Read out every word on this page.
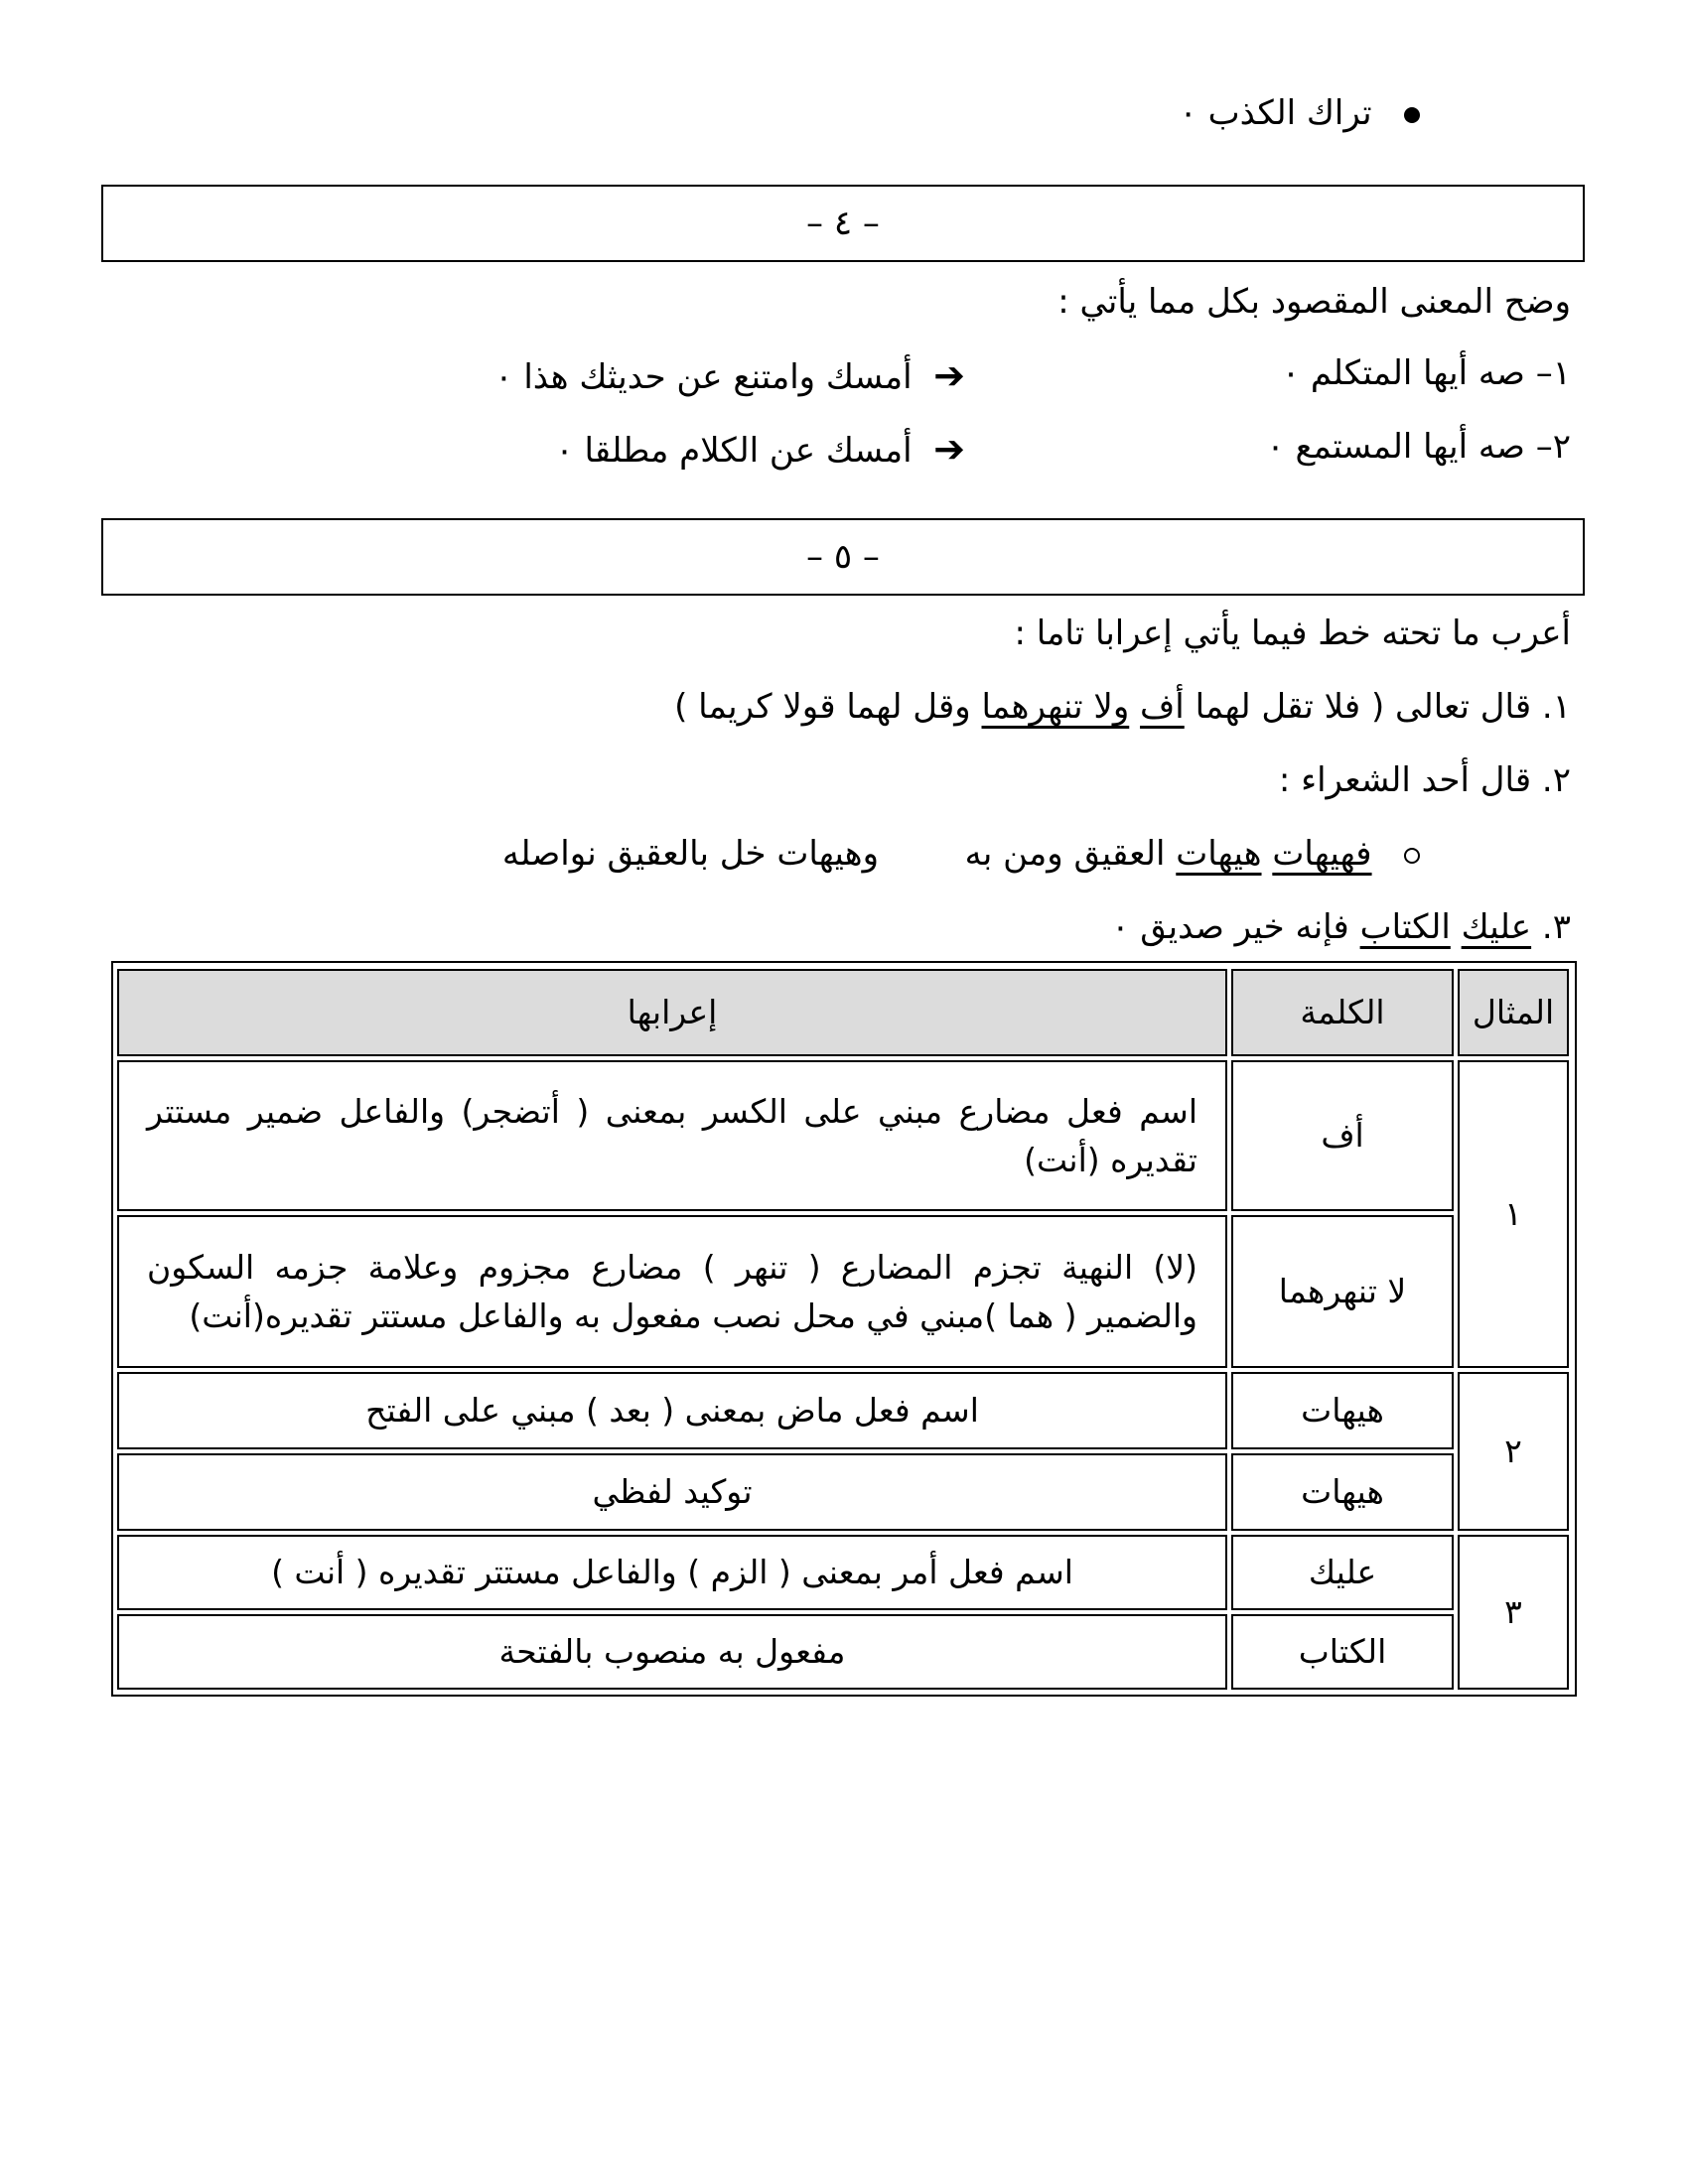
تراك الكذب ٠
– ٤ –
وضح المعنى المقصود بكل مما يأتي :
١– صه أيها المتكلم ٠
➔  أمسك وامتنع عن حديثك هذا ٠
٢– صه أيها المستمع ٠
➔  أمسك عن الكلام مطلقا ٠
– ٥ –
أعرب ما تحته خط فيما يأتي إعرابا تاما :
١. قال تعالى ( فلا تقل لهما أف ولا تنهرهما وقل لهما قولا كريما )
٢. قال أحد الشعراء :
فهيهات هيهات العقيق ومن به
وهيهات خل بالعقيق نواصله
٣. عليك الكتاب فإنه خير صديق ٠
المثال
الكلمة
إعرابها
١
أف
اسم فعل مضارع مبني على الكسر بمعنى ( أتضجر) والفاعل ضمير مستتر تقديره (أنت)
لا تنهرهما
(لا) النهية تجزم المضارع ( تنهر ) مضارع مجزوم وعلامة جزمه السكون والضمير ( هما )مبني في محل نصب مفعول به والفاعل مستتر تقديره(أنت)
٢
هيهات
اسم فعل ماض بمعنى ( بعد ) مبني على الفتح
هيهات
توكيد لفظي
٣
عليك
اسم فعل أمر بمعنى ( الزم ) والفاعل مستتر تقديره ( أنت )
الكتاب
مفعول به منصوب بالفتحة
